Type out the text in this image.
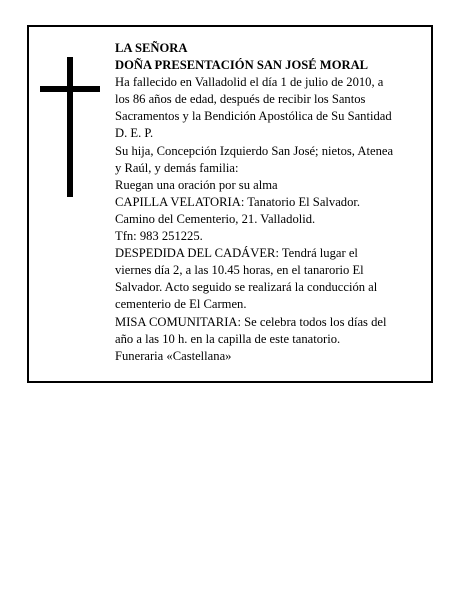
LA SEÑORA
DOÑA PRESENTACIÓN SAN JOSÉ MORAL
Ha fallecido en Valladolid el día 1 de julio de 2010, a
los 86 años de edad, después de recibir los Santos
Sacramentos y la Bendición Apostólica de Su Santidad
D. E. P.
Su hija, Concepción Izquierdo San José; nietos, Atenea
y Raúl, y demás familia:
Ruegan una oración por su alma
CAPILLA VELATORIA: Tanatorio El Salvador.
Camino del Cementerio, 21. Valladolid.
Tfn: 983 251225.
DESPEDIDA DEL CADÁVER: Tendrá lugar el
viernes día 2, a las 10.45 horas, en el tanarorio El
Salvador. Acto seguido se realizará la conducción al
cementerio de El Carmen.
MISA COMUNITARIA: Se celebra todos los días del
año a las 10 h. en la capilla de este tanatorio.
Funeraria «Castellana»
